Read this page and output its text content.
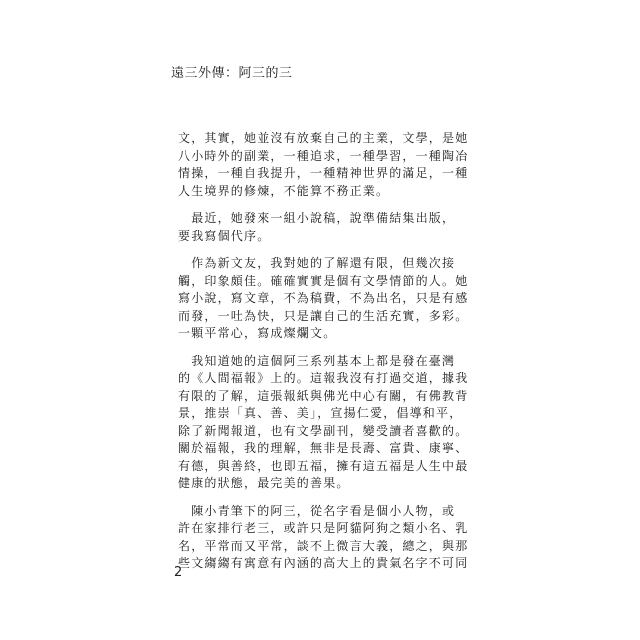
遠三外傳：阿三的三

文，其實，她並沒有放棄自己的主業，文學，是她
八小時外的副業，一種追求，一種學習，一種陶冶
情操，一種自我提升，一種精神世界的滿足，一種
人生境界的修煉，不能算不務正業。

　最近，她發來一組小說稿，說準備結集出版，
要我寫個代序。

　作為新文友，我對她的了解還有限，但幾次接
觸，印象頗佳。確確實實是個有文學情節的人。她
寫小說，寫文章，不為稿費，不為出名，只是有感
而發，一吐為快，只是讓自己的生活充實，多彩。
一顆平常心，寫成燦爛文。

　我知道她的這個阿三系列基本上都是發在臺灣
的《人間福報》上的。這報我沒有打過交道，據我
有限的了解，這張報紙與佛光中心有關，有佛教背
景，推崇「真、善、美」，宣揚仁愛，倡導和平，
除了新聞報道，也有文學副刊，變受讀者喜歡的。
關於福報，我的理解，無非是長壽、富貴、康寧、
有德，與善終，也即五福，擁有這五福是人生中最
健康的狀態，最完美的善果。

　陳小青筆下的阿三，從名字看是個小人物，或
許在家排行老三，或許只是阿貓阿狗之類小名、乳
名，平常而又平常，談不上微言大義，總之，與那
些文縐縐有寓意有內涵的高大上的貴氣名字不可同

2
